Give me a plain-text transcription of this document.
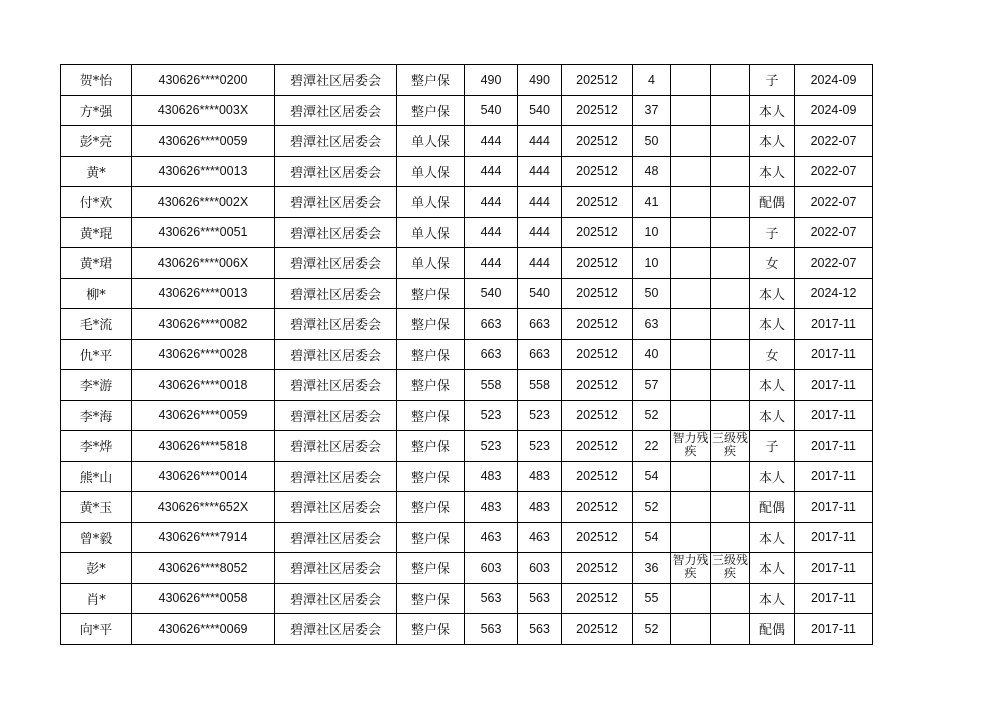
贺*怡	430626****0200	碧潭社区居委会	整户保	490	490	202512	4			子	2024-09
方*强	430626****003X	碧潭社区居委会	整户保	540	540	202512	37			本人	2024-09
彭*亮	430626****0059	碧潭社区居委会	单人保	444	444	202512	50			本人	2022-07
黄*	430626****0013	碧潭社区居委会	单人保	444	444	202512	48			本人	2022-07
付*欢	430626****002X	碧潭社区居委会	单人保	444	444	202512	41			配偶	2022-07
黄*琨	430626****0051	碧潭社区居委会	单人保	444	444	202512	10			子	2022-07
黄*珺	430626****006X	碧潭社区居委会	单人保	444	444	202512	10			女	2022-07
柳*	430626****0013	碧潭社区居委会	整户保	540	540	202512	50			本人	2024-12
毛*流	430626****0082	碧潭社区居委会	整户保	663	663	202512	63			本人	2017-11
仇*平	430626****0028	碧潭社区居委会	整户保	663	663	202512	40			女	2017-11
李*游	430626****0018	碧潭社区居委会	整户保	558	558	202512	57			本人	2017-11
李*海	430626****0059	碧潭社区居委会	整户保	523	523	202512	52			本人	2017-11
李*烨	430626****5818	碧潭社区居委会	整户保	523	523	202512	22	智力残疾	三级残疾	子	2017-11
熊*山	430626****0014	碧潭社区居委会	整户保	483	483	202512	54			本人	2017-11
黄*玉	430626****652X	碧潭社区居委会	整户保	483	483	202512	52			配偶	2017-11
曾*毅	430626****7914	碧潭社区居委会	整户保	463	463	202512	54			本人	2017-11
彭*	430626****8052	碧潭社区居委会	整户保	603	603	202512	36	智力残疾	三级残疾	本人	2017-11
肖*	430626****0058	碧潭社区居委会	整户保	563	563	202512	55			本人	2017-11
向*平	430626****0069	碧潭社区居委会	整户保	563	563	202512	52			配偶	2017-11
